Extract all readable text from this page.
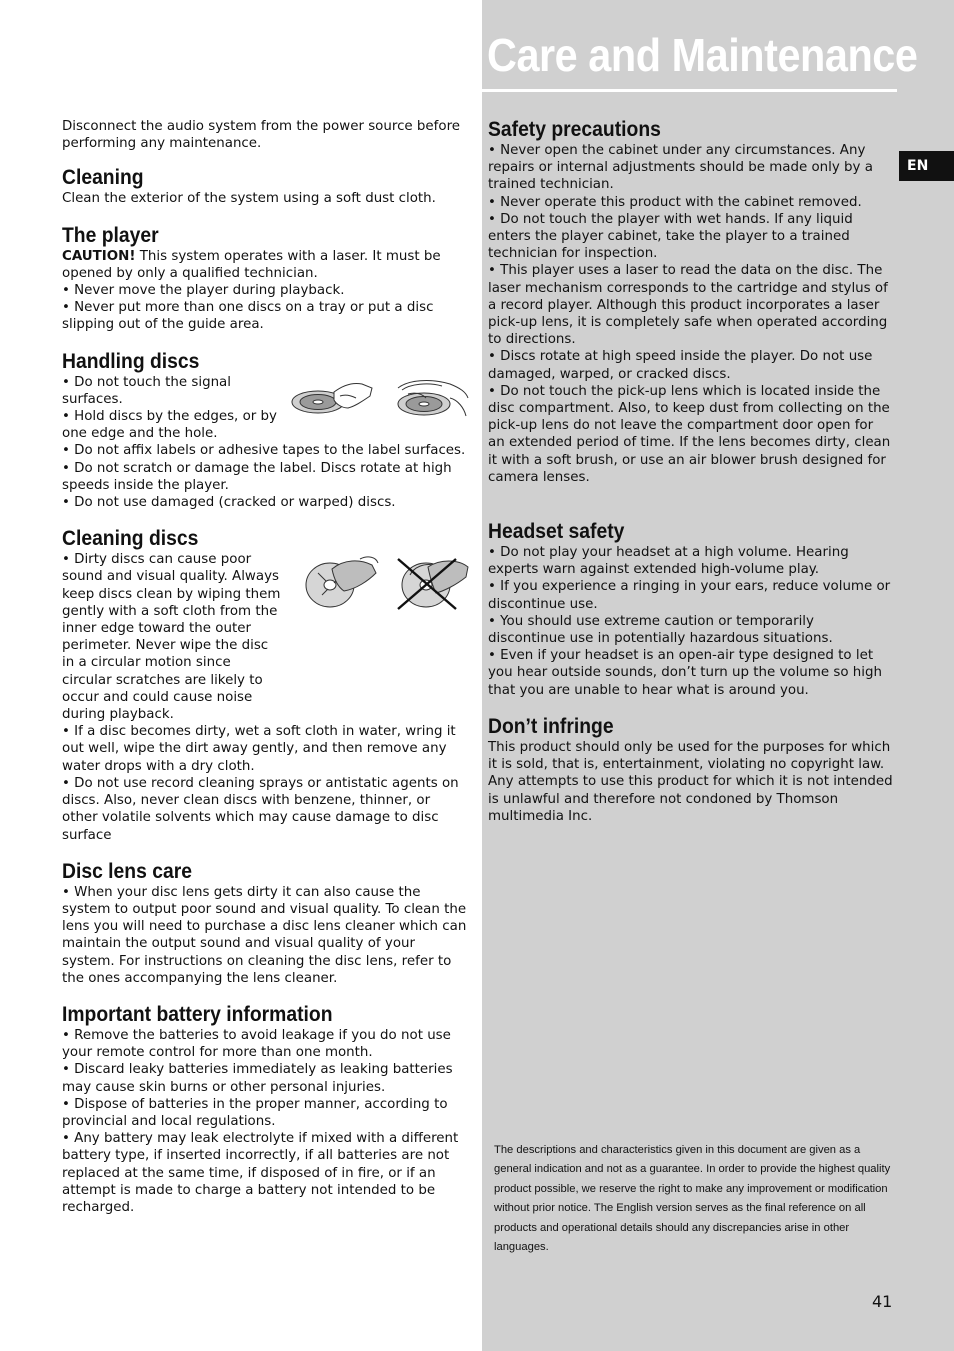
Care and Maintenance
EN

Disconnect the audio system from the power source before performing any maintenance.

Cleaning

Clean the exterior of the system using a soft dust cloth.

The player

CAUTION! This system operates with a laser. It must be opened by only a qualified technician.

• Never move the player during playback.

• Never put more than one discs on a tray or put a disc slipping out of the guide area.

Handling discs

• Do not touch the signal surfaces.

• Hold discs by the edges, or by one edge and the hole.

• Do not affix labels or adhesive tapes to the label surfaces.

• Do not scratch or damage the label. Discs rotate at high speeds inside the player.

• Do not use damaged (cracked or warped) discs.

Cleaning discs

• Dirty discs can cause poor sound and visual quality. Always keep discs clean by wiping them gently with a soft cloth from the inner edge toward the outer perimeter. Never wipe the disc in a circular motion since circular scratches are likely to occur and could cause noise during playback.

• If a disc becomes dirty, wet a soft cloth in water, wring it out well, wipe the dirt away gently, and then remove any water drops with a dry cloth.

• Do not use record cleaning sprays or antistatic agents on discs. Also, never clean discs with benzene, thinner, or other volatile solvents which may cause damage to disc surface

Disc lens care

• When your disc lens gets dirty it can also cause the system to output poor sound and visual quality. To clean the lens you will need to purchase a disc lens cleaner which can maintain the output sound and visual quality of your system. For instructions on cleaning the disc lens, refer to the ones accompanying the lens cleaner.

Important battery information

• Remove the batteries to avoid leakage if you do not use your remote control for more than one month.

• Discard leaky batteries immediately as leaking batteries may cause skin burns or other personal injuries.

• Dispose of batteries in the proper manner, according to provincial and local regulations.

• Any battery may leak electrolyte if mixed with a different battery type, if inserted incorrectly, if all batteries are not replaced at the same time, if disposed of in fire, or if an attempt is made to charge a battery not intended to be recharged.

Safety precautions

• Never open the cabinet under any circumstances. Any repairs or internal adjustments should be made only by a trained technician.

• Never operate this product with the cabinet removed.

• Do not touch the player with wet hands. If any liquid enters the player cabinet, take the player to a trained technician for inspection.

• This player uses a laser to read the data on the disc. The laser mechanism corresponds to the cartridge and stylus of a record player. Although this product incorporates a laser pick-up lens, it is completely safe when operated according to directions.

• Discs rotate at high speed inside the player. Do not use damaged, warped, or cracked discs.

• Do not touch the pick-up lens which is located inside the disc compartment. Also, to keep dust from collecting on the pick-up lens do not leave the compartment door open for an extended period of time. If the lens becomes dirty, clean it with a soft brush, or use an air blower brush designed for camera lenses.

Headset safety

• Do not play your headset at a high volume. Hearing experts warn against extended high-volume play.

• If you experience a ringing in your ears, reduce volume or discontinue use.

• You should use extreme caution or temporarily discontinue use in potentially hazardous situations.

• Even if your headset is an open-air type designed to let you hear outside sounds, don’t turn up the volume so high that you are unable to hear what is around you.

Don’t infringe

This product should only be used for the purposes for which it is sold, that is, entertainment, violating no copyright law. Any attempts to use this product for which it is not intended is unlawful and therefore not condoned by Thomson multimedia Inc.

The descriptions and characteristics given in this document are given as a general indication and not as a guarantee. In order to provide the highest quality product possible, we reserve the right to make any improvement or modification without prior notice. The English version serves as the final reference on all products and operational details should any discrepancies arise in other languages.
41
